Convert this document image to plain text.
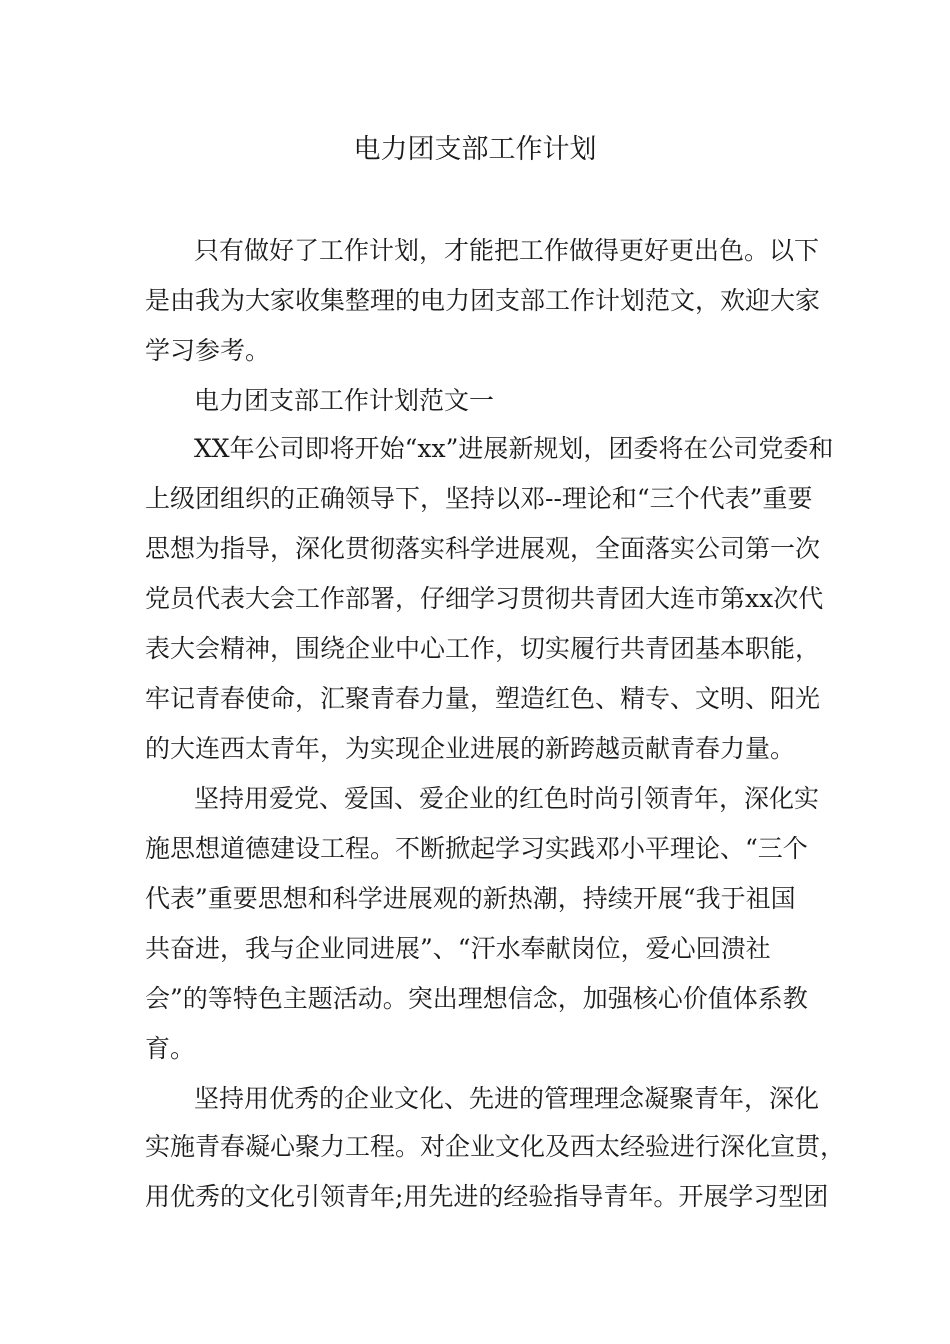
电力团支部工作计划
只有做好了工作计划，才能把工作做得更好更出色。以下
是由我为大家收集整理的电力团支部工作计划范文，欢迎大家
学习参考。
电力团支部工作计划范文一
XX年公司即将开始“xx”进展新规划，团委将在公司党委和
上级团组织的正确领导下，坚持以邓--理论和“三个代表”重要
思想为指导，深化贯彻落实科学进展观，全面落实公司第一次
党员代表大会工作部署，仔细学习贯彻共青团大连市第xx次代
表大会精神，围绕企业中心工作，切实履行共青团基本职能，
牢记青春使命，汇聚青春力量，塑造红色、精专、文明、阳光
的大连西太青年，为实现企业进展的新跨越贡献青春力量。
坚持用爱党、爱国、爱企业的红色时尚引领青年，深化实
施思想道德建设工程。不断掀起学习实践邓小平理论、“三个
代表”重要思想和科学进展观的新热潮，持续开展“我于祖国
共奋进，我与企业同进展”、“汗水奉献岗位，爱心回溃社
会”的等特色主题活动。突出理想信念，加强核心价值体系教
育。
坚持用优秀的企业文化、先进的管理理念凝聚青年，深化
实施青春凝心聚力工程。对企业文化及西太经验进行深化宣贯，
用优秀的文化引领青年;用先进的经验指导青年。开展学习型团
